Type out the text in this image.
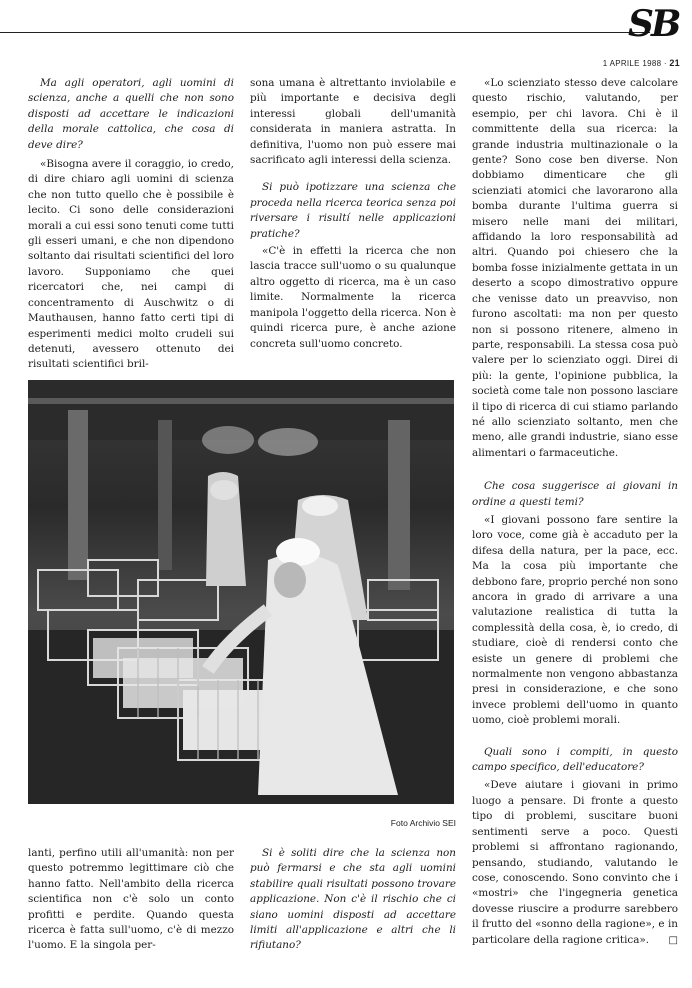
SB
1 APRILE 1988 · 21

Ma agli operatori, agli uomini di scienza, anche a quelli che non sono disposti ad accettare le indicazioni della morale cattolica, che cosa di deve dire?

«Bisogna avere il coraggio, io credo, di dire chiaro agli uomini di scienza che non tutto quello che è possibile è lecito. Ci sono delle considerazioni morali a cui essi sono tenuti come tutti gli esseri umani, e che non dipendono soltanto dai risultati scientifici del loro lavoro. Supponiamo che quei ricercatori che, nei campi di concentramento di Auschwitz o di Mauthausen, hanno fatto certi tipi di esperimenti medici molto crudeli sui detenuti, avessero ottenuto dei risultati scientifici bril-

sona umana è altrettanto inviolabile e più importante e decisiva degli interessi globali dell'umanità considerata in maniera astratta. In definitiva, l'uomo non può essere mai sacrificato agli interessi della scienza.

Si può ipotizzare una scienza che proceda nella ricerca teorica senza poi riversare i risultí nelle applicazioni pratiche?

«C'è in effetti la ricerca che non lascia tracce sull'uomo o su qualunque altro oggetto di ricerca, ma è un caso limite. Normalmente la ricerca manipola l'oggetto della ricerca. Non è quindi ricerca pure, è anche azione concreta sull'uomo concreto.

«Lo scienziato stesso deve calcolare questo rischio, valutando, per esempio, per chi lavora. Chi è il committente della sua ricerca: la grande industria multinazionale o la gente? Sono cose ben diverse. Non dobbiamo dimenticare che gli scienziati atomici che lavorarono alla bomba durante l'ultima guerra si misero nelle mani dei militari, affidando la loro responsabilità ad altri. Quando poi chiesero che la bomba fosse inizialmente gettata in un deserto a scopo dimostrativo oppure che venisse dato un preavviso, non furono ascoltati: ma non per questo non si possono ritenere, almeno in parte, responsabili. La stessa cosa può valere per lo scienziato oggi. Direi di più: la gente, l'opinione pubblica, la società come tale non possono lasciare il tipo di ricerca di cui stiamo parlando né allo scienziato soltanto, men che meno, alle grandi industrie, siano esse alimentari o farmaceutiche.

Che cosa suggerisce ai giovani in ordine a questi temi?

«I giovani possono fare sentire la loro voce, come già è accaduto per la difesa della natura, per la pace, ecc. Ma la cosa più importante che debbono fare, proprio perché non sono ancora in grado di arrivare a una valutazione realistica di tutta la complessità della cosa, è, io credo, di studiare, cioè di rendersi conto che esiste un genere di problemi che normalmente non vengono abbastanza presi in considerazione, e che sono invece problemi dell'uomo in quanto uomo, cioè problemi morali.

Quali sono i compiti, in questo campo specifico, dell'educatore?

«Deve aiutare i giovani in primo luogo a pensare. Di fronte a questo tipo di problemi, suscitare buoni sentimenti serve a poco. Questi problemi si affrontano ragionando, pensando, studiando, valutando le cose, conoscendo. Sono convinto che i «mostri» che l'ingegneria genetica dovesse riuscire a produrre sarebbero il frutto del «sonno della ragione», e in particolare della ragione critica».	□

Foto Archivio SEI

lanti, perfino utili all'umanità: non per questo potremmo legittimare ciò che hanno fatto. Nell'ambito della ricerca scientifica non c'è solo un conto profitti e perdite. Quando questa ricerca è fatta sull'uomo, c'è di mezzo l'uomo. E la singola per-

Si è soliti dire che la scienza non può fermarsi e che sta agli uomini stabilire quali risultati possono trovare applicazione. Non c'è il rischio che ci siano uomini disposti ad accettare limiti all'applicazione e altri che li rifiutano?
